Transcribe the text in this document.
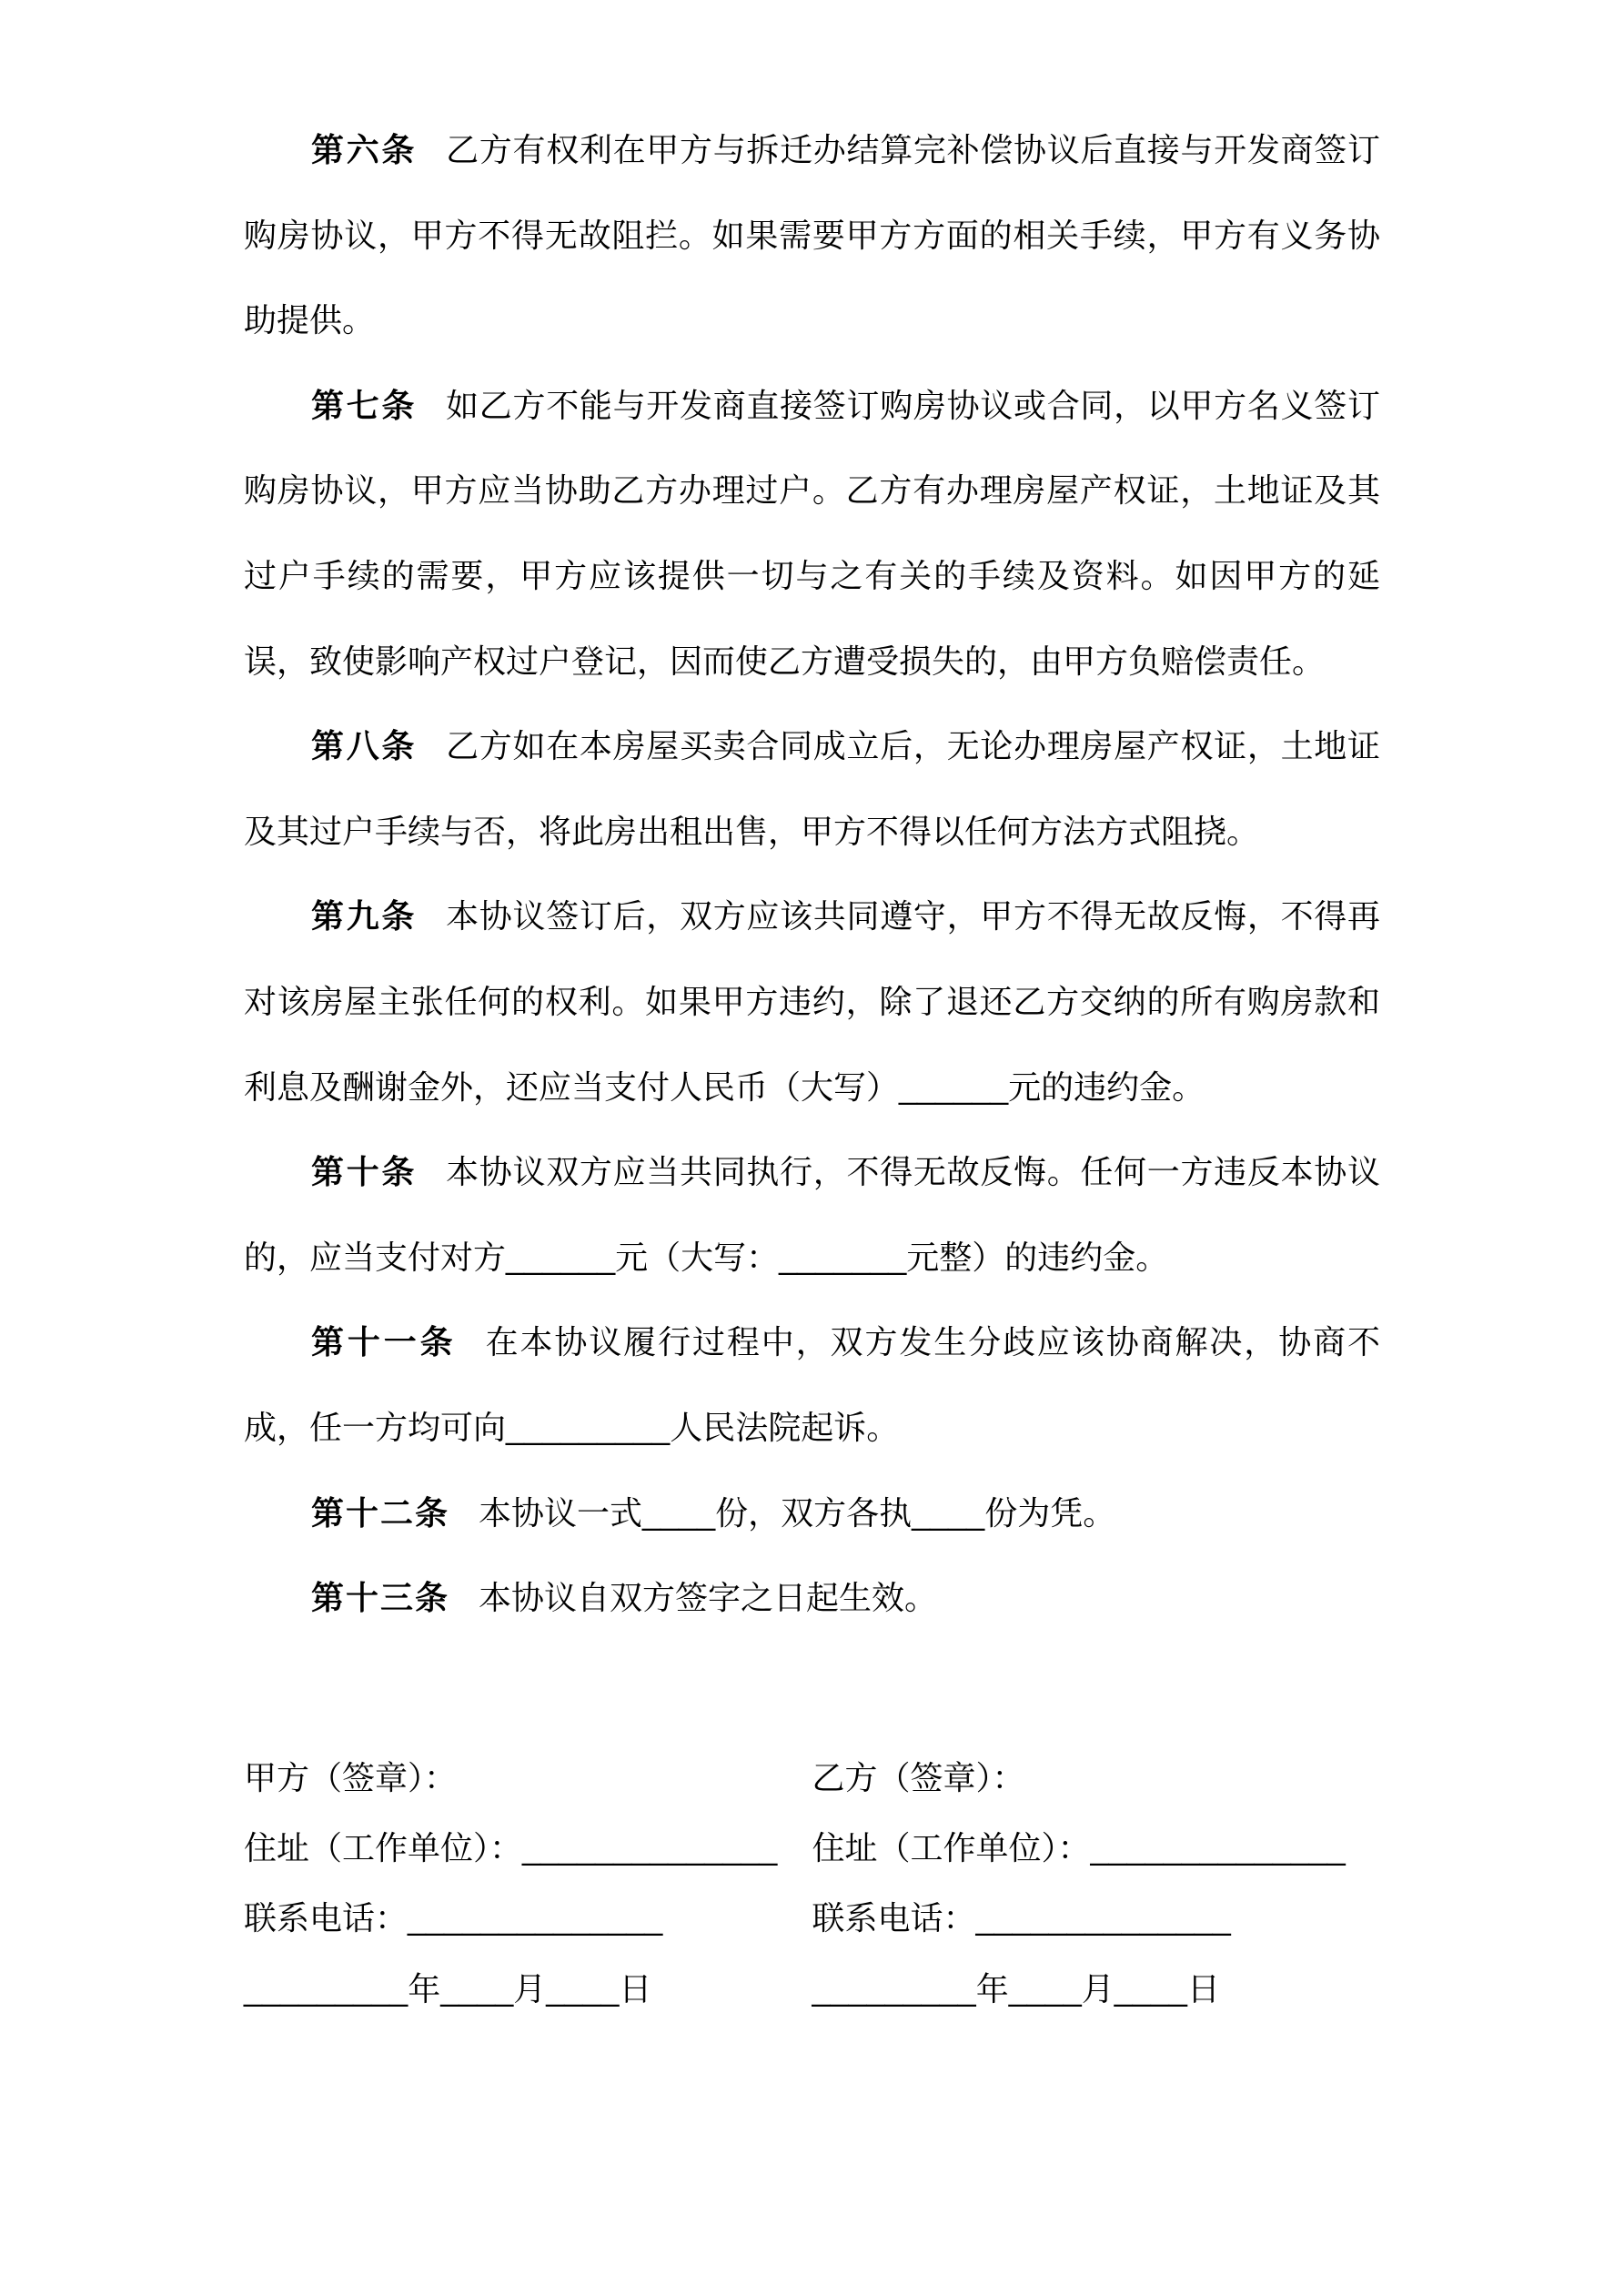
第六条 乙方有权利在甲方与拆迁办结算完补偿协议后直接与开发商签订购房协议，甲方不得无故阻拦。如果需要甲方方面的相关手续，甲方有义务协助提供。

第七条 如乙方不能与开发商直接签订购房协议或合同，以甲方名义签订购房协议，甲方应当协助乙方办理过户。乙方有办理房屋产权证，土地证及其过户手续的需要，甲方应该提供一切与之有关的手续及资料。如因甲方的延误，致使影响产权过户登记，因而使乙方遭受损失的，由甲方负赔偿责任。

第八条 乙方如在本房屋买卖合同成立后，无论办理房屋产权证，土地证及其过户手续与否，将此房出租出售，甲方不得以任何方法方式阻挠。

第九条 本协议签订后，双方应该共同遵守，甲方不得无故反悔，不得再对该房屋主张任何的权利。如果甲方违约，除了退还乙方交纳的所有购房款和利息及酬谢金外，还应当支付人民币（大写）______元的违约金。

第十条 本协议双方应当共同执行，不得无故反悔。任何一方违反本协议的，应当支付对方______元（大写：_______元整）的违约金。

第十一条 在本协议履行过程中，双方发生分歧应该协商解决，协商不成，任一方均可向_________人民法院起诉。

第十二条 本协议一式____份，双方各执____份为凭。

第十三条 本协议自双方签字之日起生效。

甲方（签章）：

住址（工作单位）：______________

联系电话：______________

_________年____月____日

乙方（签章）：

住址（工作单位）：______________

联系电话：______________

_________年____月____日
